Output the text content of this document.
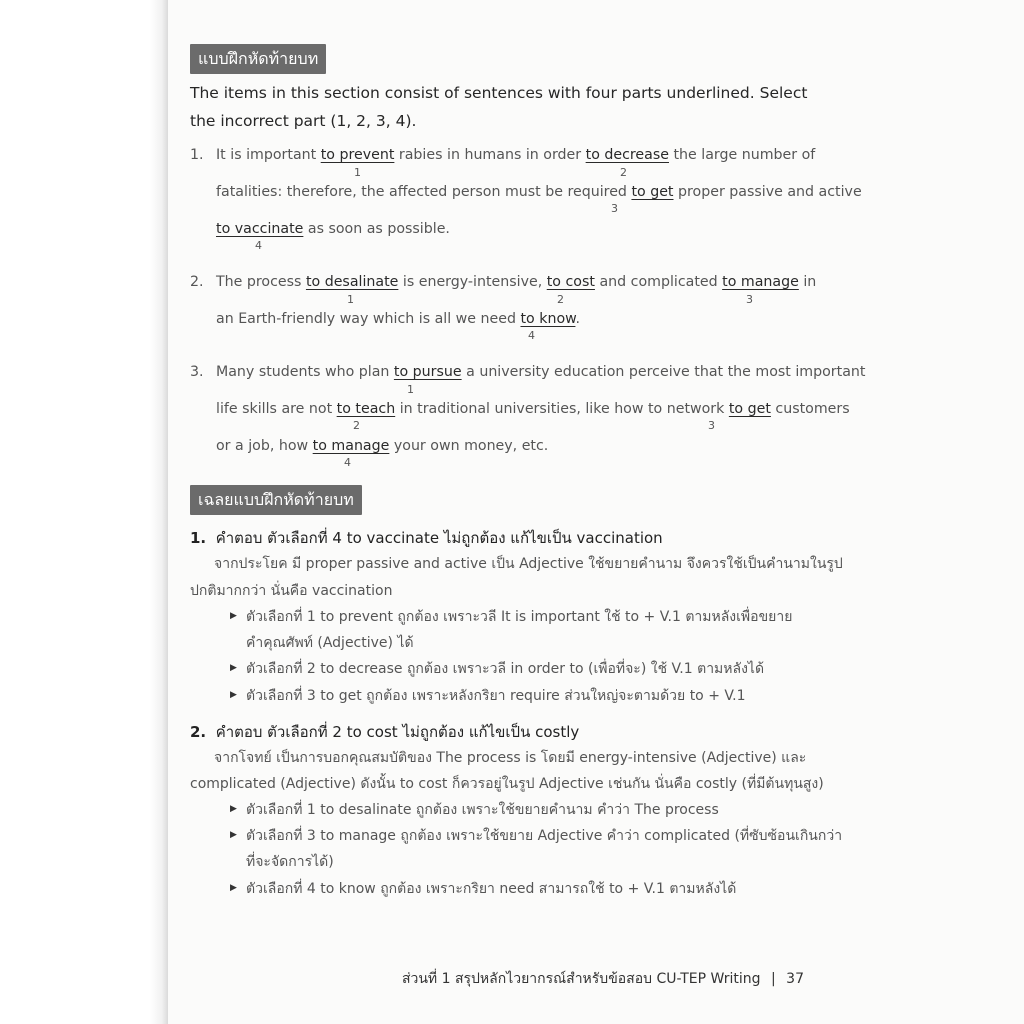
แบบฝึกหัดท้ายบท
The items in this section consist of sentences with four parts underlined. Select
the incorrect part (1, 2, 3, 4).
1. It is important to prevent rabies in humans in order to decrease the large number of
1	2
fatalities: therefore, the affected person must be required to get proper passive and active
3
to vaccinate as soon as possible.
4
2. The process to desalinate is energy-intensive, to cost and complicated to manage in
1	2	3
an Earth-friendly way which is all we need to know.
4
3. Many students who plan to pursue a university education perceive that the most important
1
life skills are not to teach in traditional universities, like how to network to get customers
2	3
or a job, how to manage your own money, etc.
4
เฉลยแบบฝึกหัดท้ายบท
1. คำตอบ ตัวเลือกที่ 4 to vaccinate ไม่ถูกต้อง แก้ไขเป็น vaccination
จากประโยค มี proper passive and active เป็น Adjective ใช้ขยายคำนาม จึงควรใช้เป็นคำนามในรูป
ปกติมากกว่า นั่นคือ vaccination
▶ ตัวเลือกที่ 1 to prevent ถูกต้อง เพราะวลี It is important ใช้ to + V.1 ตามหลังเพื่อขยาย
คำคุณศัพท์ (Adjective) ได้
▶ ตัวเลือกที่ 2 to decrease ถูกต้อง เพราะวลี in order to (เพื่อที่จะ) ใช้ V.1 ตามหลังได้
▶ ตัวเลือกที่ 3 to get ถูกต้อง เพราะหลังกริยา require ส่วนใหญ่จะตามด้วย to + V.1
2. คำตอบ ตัวเลือกที่ 2 to cost ไม่ถูกต้อง แก้ไขเป็น costly
จากโจทย์ เป็นการบอกคุณสมบัติของ The process is โดยมี energy-intensive (Adjective) และ
complicated (Adjective) ดังนั้น to cost ก็ควรอยู่ในรูป Adjective เช่นกัน นั่นคือ costly (ที่มีต้นทุนสูง)
▶ ตัวเลือกที่ 1 to desalinate ถูกต้อง เพราะใช้ขยายคำนาม คำว่า The process
▶ ตัวเลือกที่ 3 to manage ถูกต้อง เพราะใช้ขยาย Adjective คำว่า complicated (ที่ซับซ้อนเกินกว่า
ที่จะจัดการได้)
▶ ตัวเลือกที่ 4 to know ถูกต้อง เพราะกริยา need สามารถใช้ to + V.1 ตามหลังได้
ส่วนที่ 1 สรุปหลักไวยากรณ์สำหรับข้อสอบ CU-TEP Writing | 37
